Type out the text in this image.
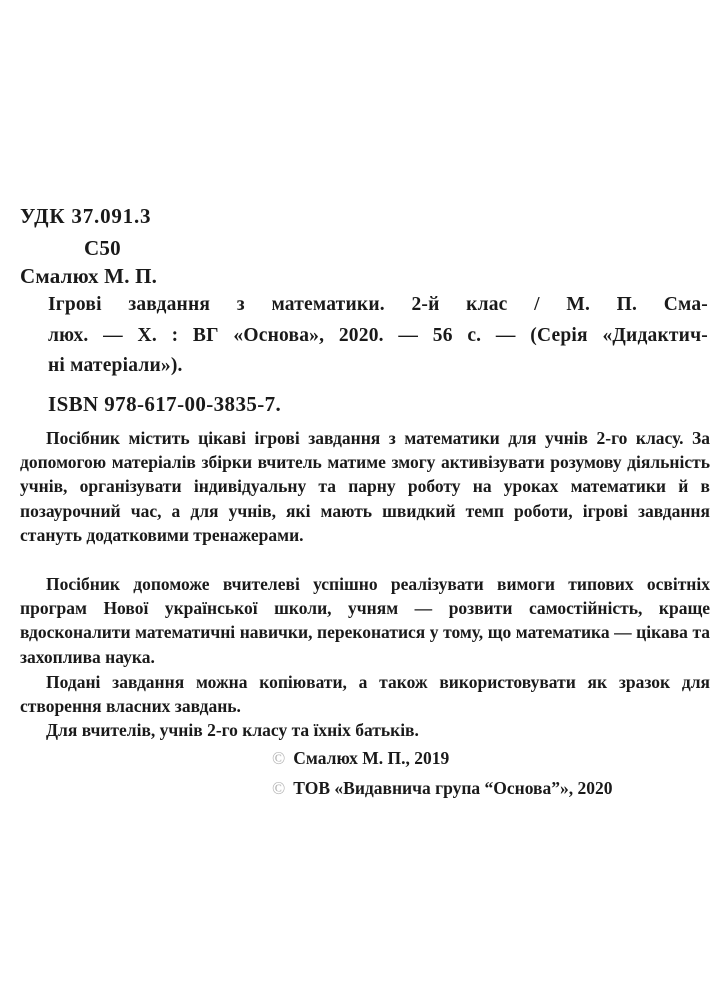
УДК 37.091.3
С50
Смалюх М. П.
Ігрові завдання з математики. 2-й клас / М. П. Сма-
люх. — Х. : ВГ «Основа», 2020. — 56 с. — (Серія «Дидактич-
ні матеріали»).
ISBN 978-617-00-3835-7.
Посібник містить цікаві ігрові завдання з математики для учнів 2-го класу. За допомогою матеріалів збірки вчитель матиме змогу активізувати розумову діяльність учнів, організувати індивідуальну та парну роботу на уроках математики й в позаурочний час, а для учнів, які мають швидкий темп роботи, ігрові завдання стануть додатковими тренажерами.
Посібник допоможе вчителеві успішно реалізувати вимоги типових освітніх програм Нової української школи, учням — розвити самостійність, краще вдосконалити математичні навички, переконатися у тому, що математика — цікава та захоплива наука.
Подані завдання можна копіювати, а також використовувати як зразок для створення власних завдань.
Для вчителів, учнів 2-го класу та їхніх батьків.
© Смалюх М. П., 2019
© ТОВ «Видавнича група “Основа”», 2020
